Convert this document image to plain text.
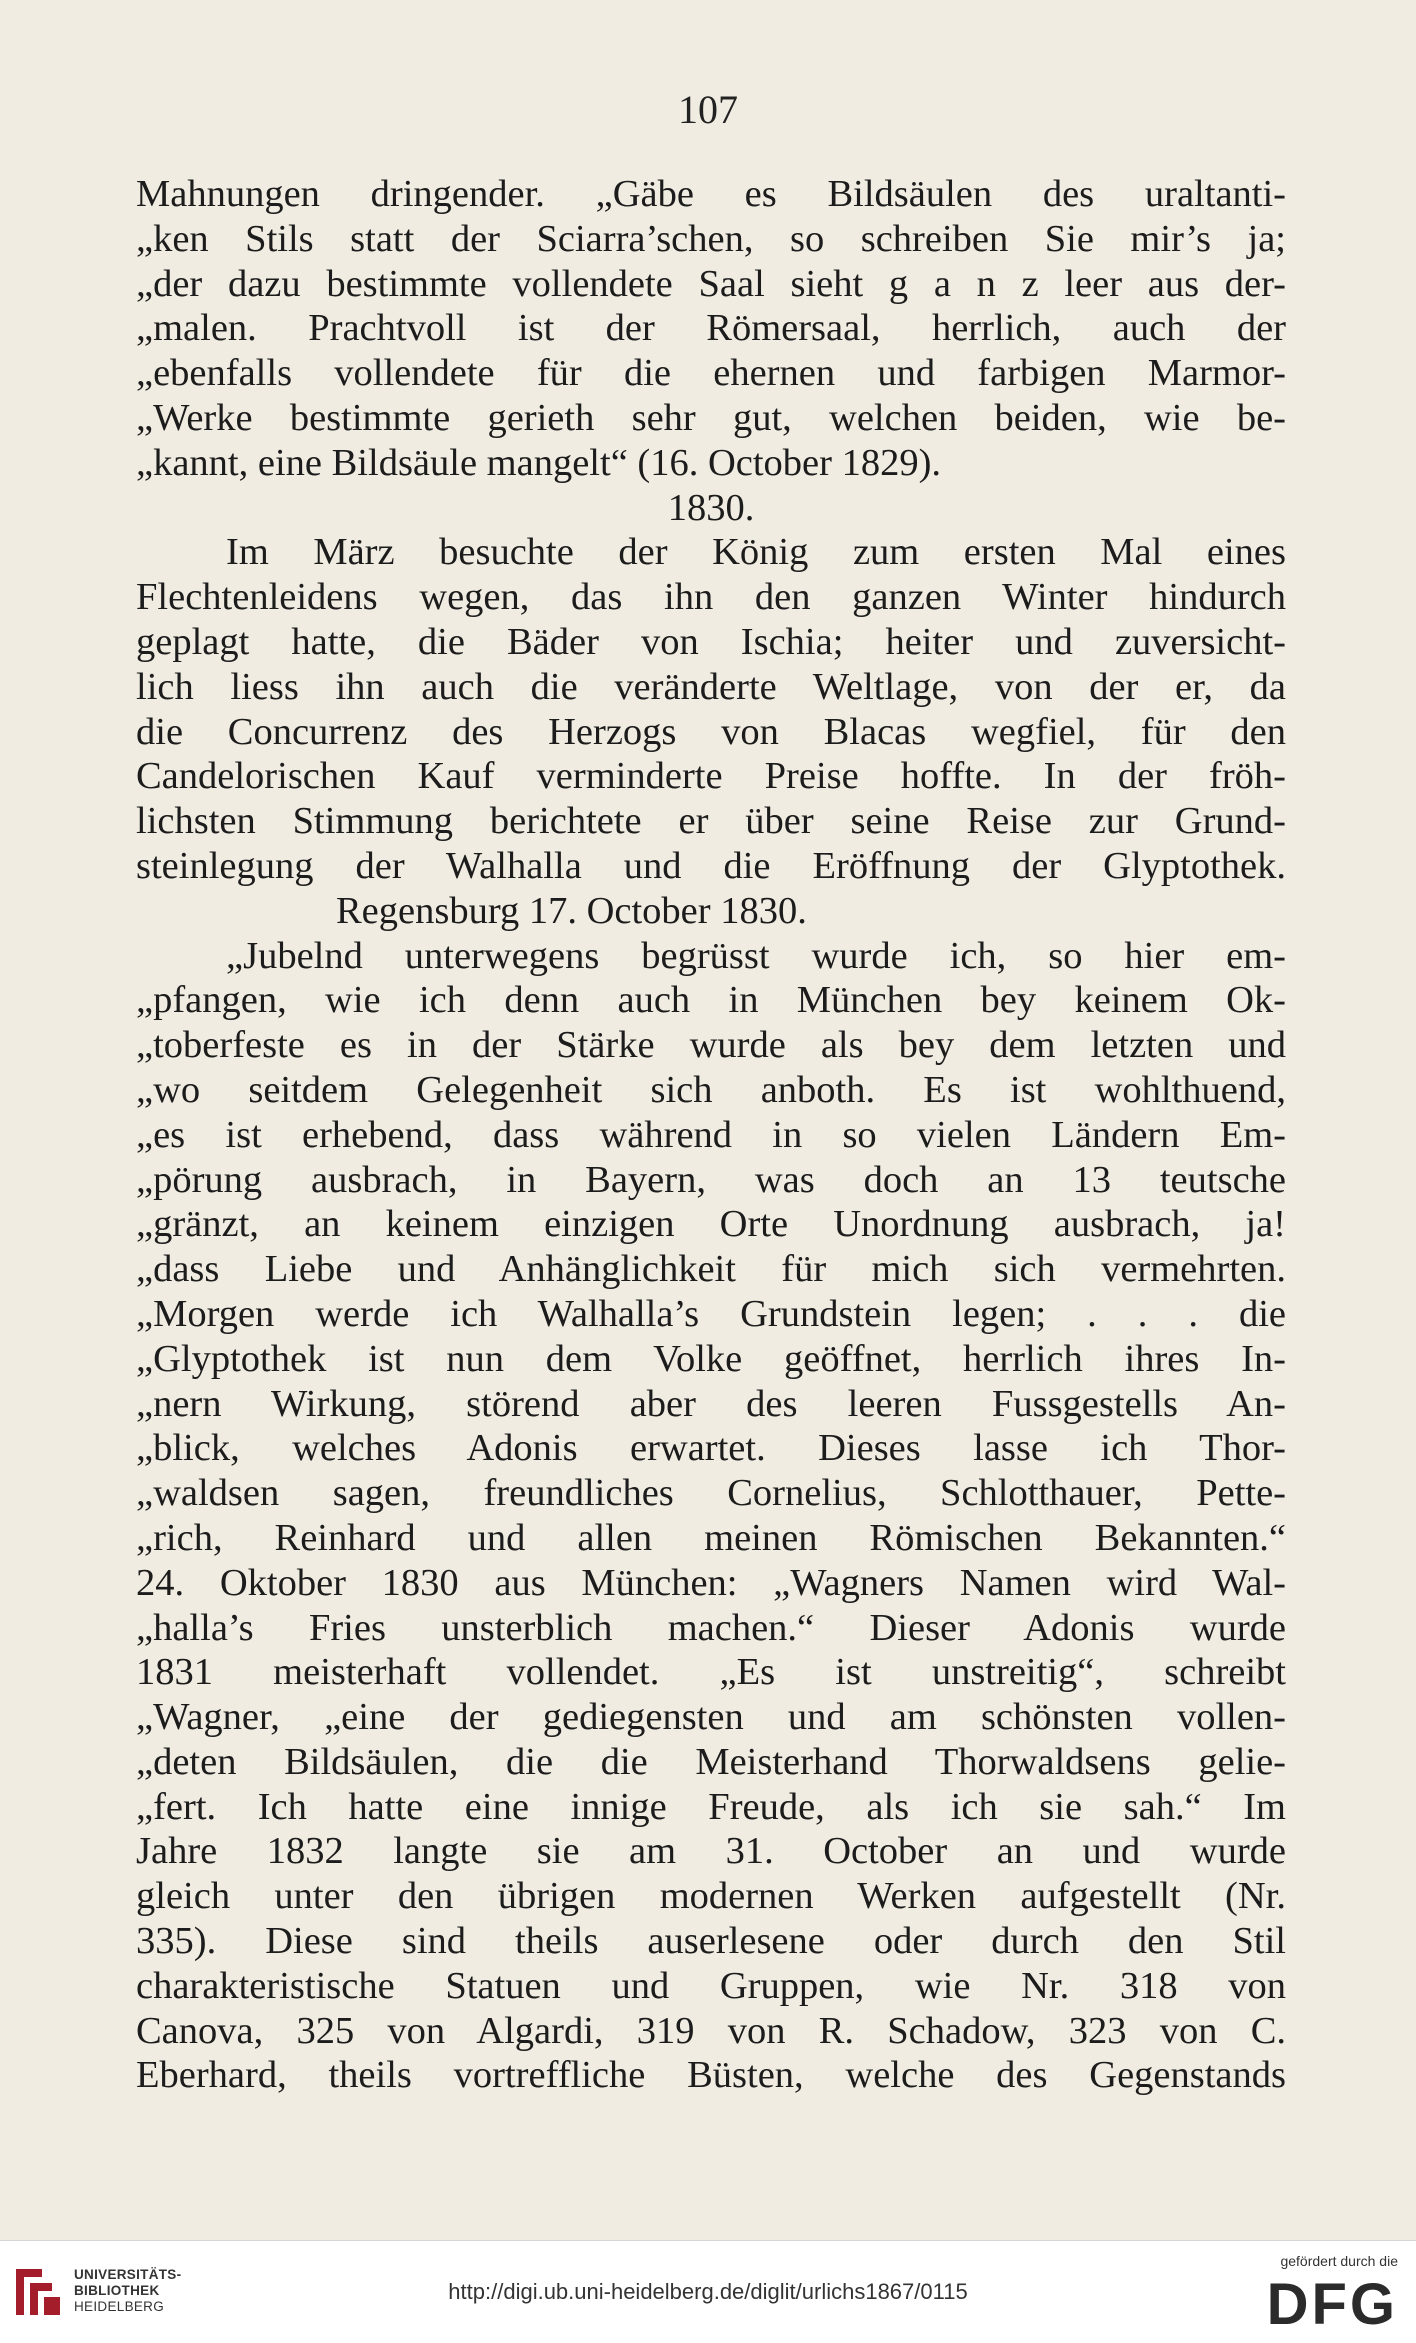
107
Mahnungen dringender. „Gäbe es Bildsäulen des uraltanti-
„ken Stils statt der Sciarra’schen, so schreiben Sie mir’s ja;
„der dazu bestimmte vollendete Saal sieht g a n z leer aus der-
„malen. Prachtvoll ist der Römersaal, herrlich, auch der
„ebenfalls vollendete für die ehernen und farbigen Marmor-
„Werke bestimmte gerieth sehr gut, welchen beiden, wie be-
„kannt, eine Bildsäule mangelt“ (16. October 1829).
1830.
Im März besuchte der König zum ersten Mal eines
Flechtenleidens wegen, das ihn den ganzen Winter hindurch
geplagt hatte, die Bäder von Ischia; heiter und zuversicht-
lich liess ihn auch die veränderte Weltlage, von der er, da
die Concurrenz des Herzogs von Blacas wegfiel, für den
Candelorischen Kauf verminderte Preise hoffte. In der fröh-
lichsten Stimmung berichtete er über seine Reise zur Grund-
steinlegung der Walhalla und die Eröffnung der Glyptothek.
Regensburg 17. October 1830.
„Jubelnd unterwegens begrüsst wurde ich, so hier em-
„pfangen, wie ich denn auch in München bey keinem Ok-
„toberfeste es in der Stärke wurde als bey dem letzten und
„wo seitdem Gelegenheit sich anboth. Es ist wohlthuend,
„es ist erhebend, dass während in so vielen Ländern Em-
„pörung ausbrach, in Bayern, was doch an 13 teutsche
„gränzt, an keinem einzigen Orte Unordnung ausbrach, ja!
„dass Liebe und Anhänglichkeit für mich sich vermehrten.
„Morgen werde ich Walhalla’s Grundstein legen; . . . die
„Glyptothek ist nun dem Volke geöffnet, herrlich ihres In-
„nern Wirkung, störend aber des leeren Fussgestells An-
„blick, welches Adonis erwartet. Dieses lasse ich Thor-
„waldsen sagen, freundliches Cornelius, Schlotthauer, Pette-
„rich, Reinhard und allen meinen Römischen Bekannten.“
24. Oktober 1830 aus München: „Wagners Namen wird Wal-
„halla’s Fries unsterblich machen.“ Dieser Adonis wurde
1831 meisterhaft vollendet. „Es ist unstreitig“, schreibt
„Wagner, „eine der gediegensten und am schönsten vollen-
„deten Bildsäulen, die die Meisterhand Thorwaldsens gelie-
„fert. Ich hatte eine innige Freude, als ich sie sah.“ Im
Jahre 1832 langte sie am 31. October an und wurde
gleich unter den übrigen modernen Werken aufgestellt (Nr.
335). Diese sind theils auserlesene oder durch den Stil
charakteristische Statuen und Gruppen, wie Nr. 318 von
Canova, 325 von Algardi, 319 von R. Schadow, 323 von C.
Eberhard, theils vortreffliche Büsten, welche des Gegenstands
UNIVERSITÄTS-
BIBLIOTHEK
HEIDELBERG
http://digi.ub.uni-heidelberg.de/diglit/urlichs1867/0115
gefördert durch die
DFG
